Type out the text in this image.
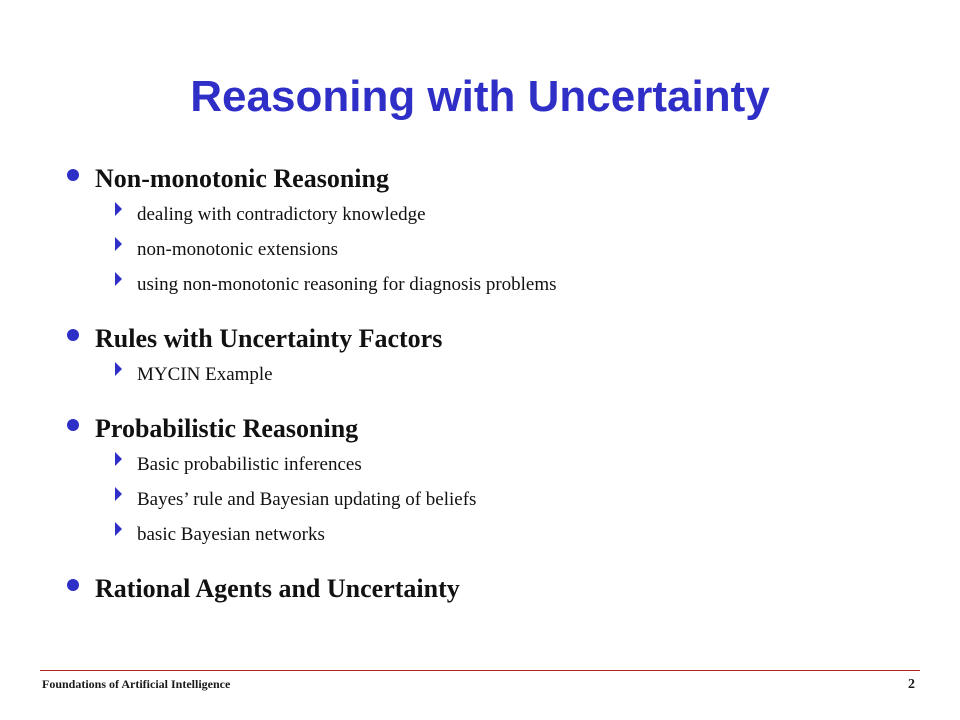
Reasoning with Uncertainty
Non-monotonic Reasoning
dealing with contradictory knowledge
non-monotonic extensions
using non-monotonic reasoning for diagnosis problems
Rules with Uncertainty Factors
MYCIN Example
Probabilistic Reasoning
Basic probabilistic inferences
Bayes’ rule and Bayesian updating of beliefs
basic Bayesian networks
Rational Agents and Uncertainty
Foundations of Artificial Intelligence	2
